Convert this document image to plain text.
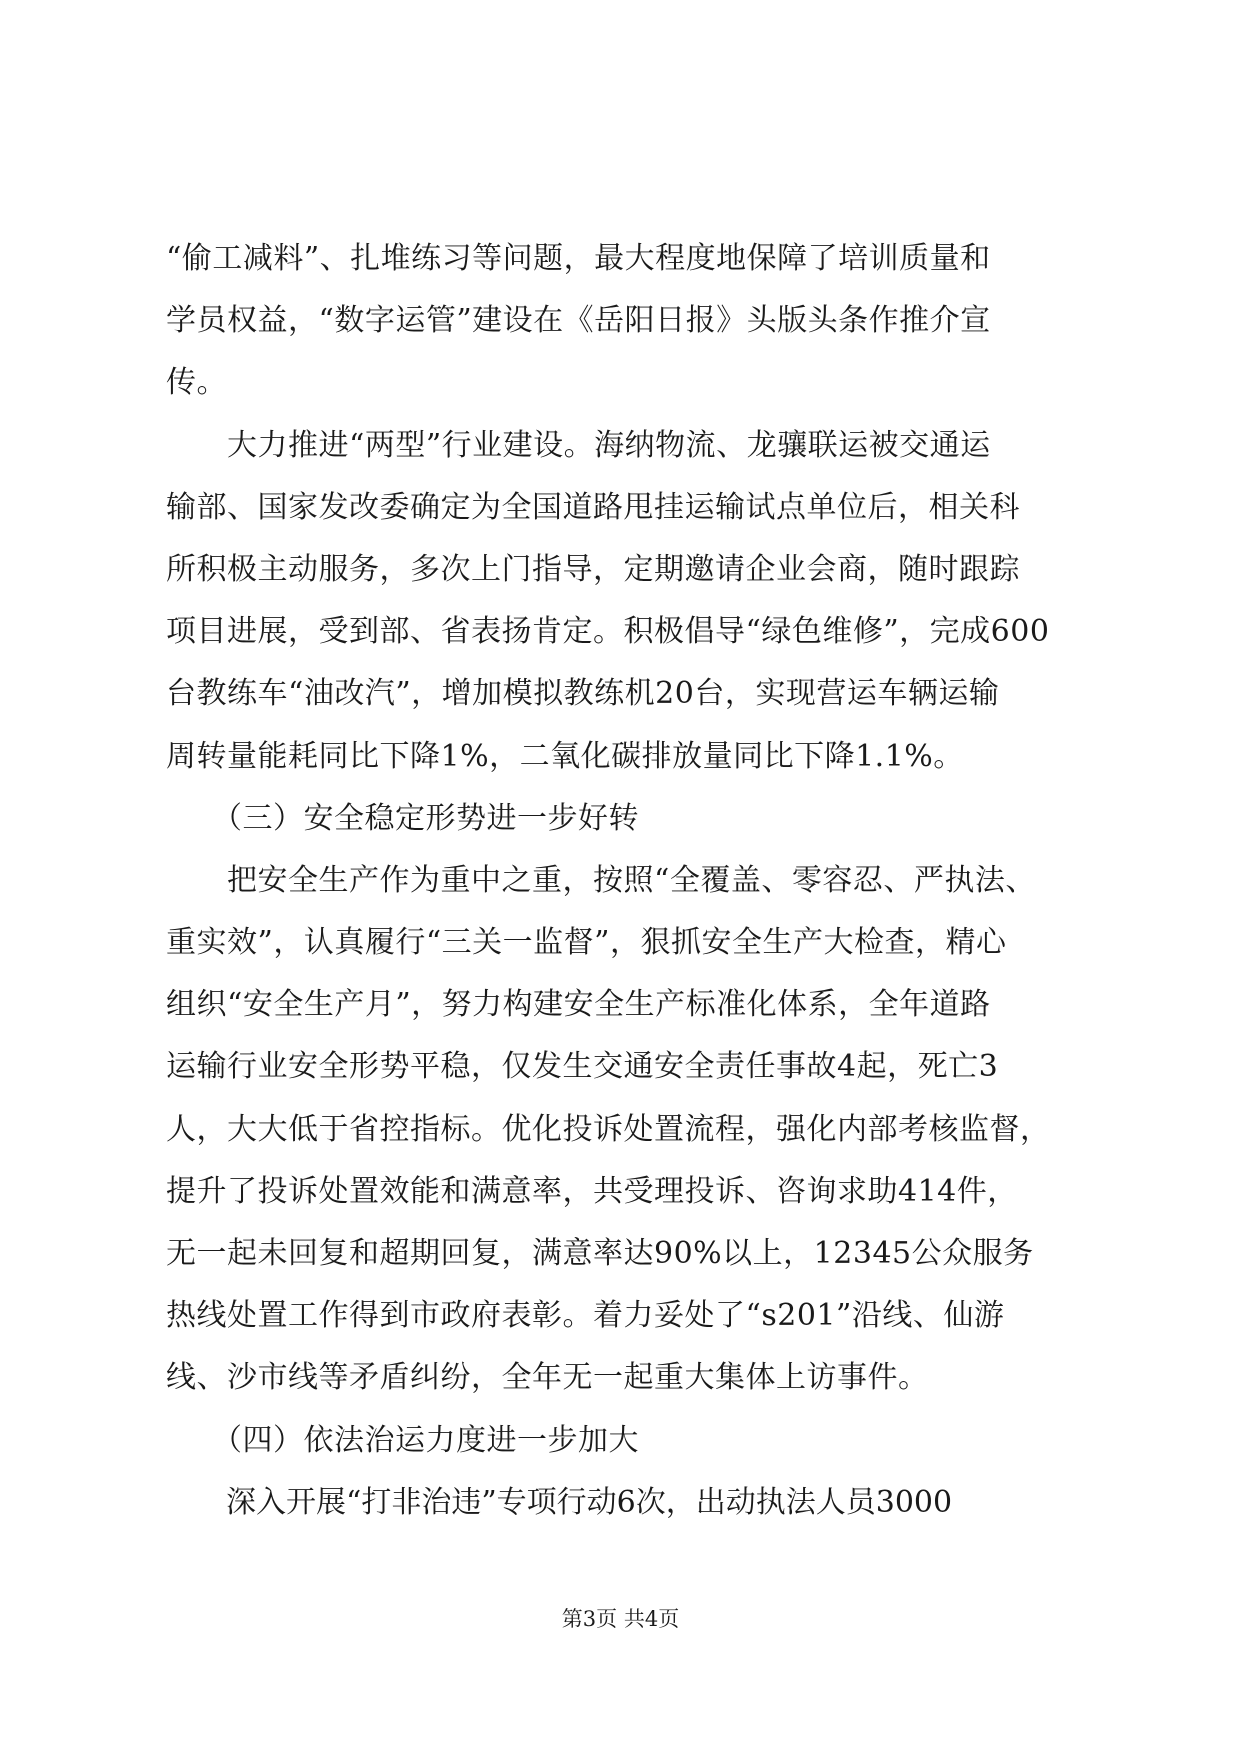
“偷工减料”、扎堆练习等问题，最大程度地保障了培训质量和
学员权益，“数字运管”建设在《岳阳日报》头版头条作推介宣
传。
　　大力推进“两型”行业建设。海纳物流、龙骧联运被交通运
输部、国家发改委确定为全国道路甩挂运输试点单位后，相关科
所积极主动服务，多次上门指导，定期邀请企业会商，随时跟踪
项目进展，受到部、省表扬肯定。积极倡导“绿色维修”，完成600
台教练车“油改汽”，增加模拟教练机20台，实现营运车辆运输
周转量能耗同比下降1%，二氧化碳排放量同比下降1.1%。
　　（三）安全稳定形势进一步好转
　　把安全生产作为重中之重，按照“全覆盖、零容忍、严执法、
重实效”，认真履行“三关一监督”，狠抓安全生产大检查，精心
组织“安全生产月”，努力构建安全生产标准化体系，全年道路
运输行业安全形势平稳，仅发生交通安全责任事故4起，死亡3
人，大大低于省控指标。优化投诉处置流程，强化内部考核监督，
提升了投诉处置效能和满意率，共受理投诉、咨询求助414件，
无一起未回复和超期回复，满意率达90%以上，12345公众服务
热线处置工作得到市政府表彰。着力妥处了“s201”沿线、仙游
线、沙市线等矛盾纠纷，全年无一起重大集体上访事件。
　　（四）依法治运力度进一步加大
　　深入开展“打非治违”专项行动6次，出动执法人员3000
第3页 共4页
